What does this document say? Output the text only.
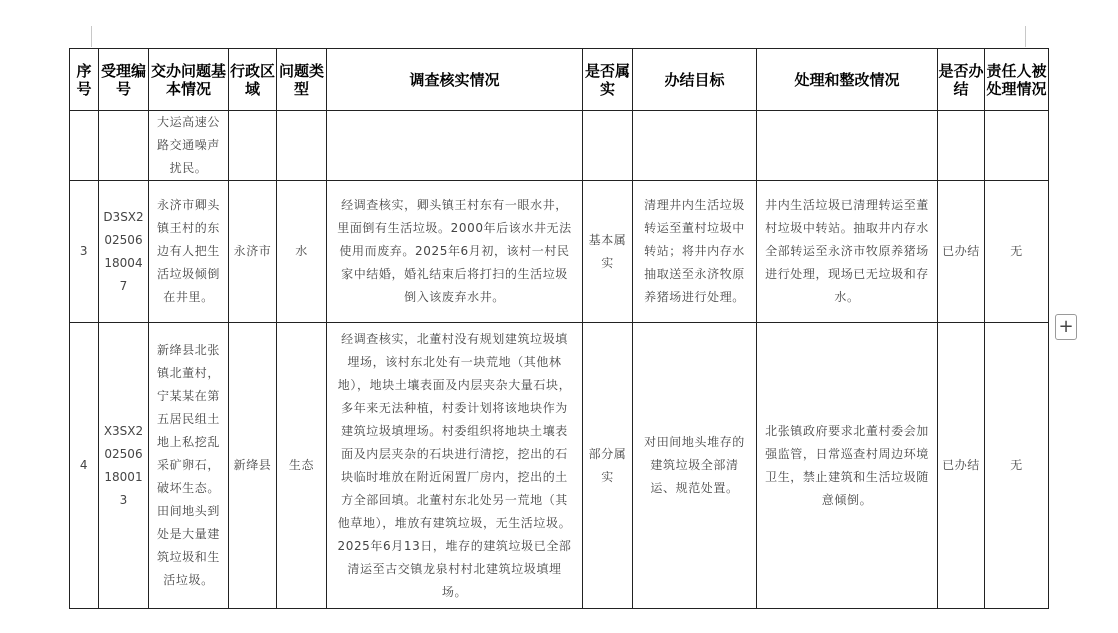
序号	受理编号	交办问题基本情况	行政区域	问题类型	调查核实情况	是否属实	办结目标	处理和整改情况	是否办结	责任人被处理情况
		大运高速公路交通噪声扰民。								
3	D3SX202506180047	永济市卿头镇王村的东边有人把生活垃圾倾倒在井里。	永济市	水	经调查核实，卿头镇王村东有一眼水井，里面倒有生活垃圾。2000年后该水井无法使用而废弃。2025年6月初，该村一村民家中结婚，婚礼结束后将打扫的生活垃圾倒入该废弃水井。	基本属实	清理井内生活垃圾转运至董村垃圾中转站；将井内存水抽取送至永济牧原养猪场进行处理。	井内生活垃圾已清理转运至董村垃圾中转站。抽取井内存水全部转运至永济市牧原养猪场进行处理，现场已无垃圾和存水。	已办结	无
4	X3SX202506180013	新绛县北张镇北董村，宁某某在第五居民组土地上私挖乱采矿卵石，破坏生态。田间地头到处是大量建筑垃圾和生活垃圾。	新绛县	生态	经调查核实，北董村没有规划建筑垃圾填埋场，该村东北处有一块荒地（其他林地），地块土壤表面及内层夹杂大量石块，多年来无法种植，村委计划将该地块作为建筑垃圾填埋场。村委组织将地块土壤表面及内层夹杂的石块进行清挖，挖出的石块临时堆放在附近闲置厂房内，挖出的土方全部回填。北董村东北处另一荒地（其他草地），堆放有建筑垃圾，无生活垃圾。2025年6月13日，堆存的建筑垃圾已全部清运至古交镇龙泉村村北建筑垃圾填埋场。	部分属实	对田间地头堆存的建筑垃圾全部清运、规范处置。	北张镇政府要求北董村委会加强监管，日常巡查村周边环境卫生，禁止建筑和生活垃圾随意倾倒。	已办结	无
+
